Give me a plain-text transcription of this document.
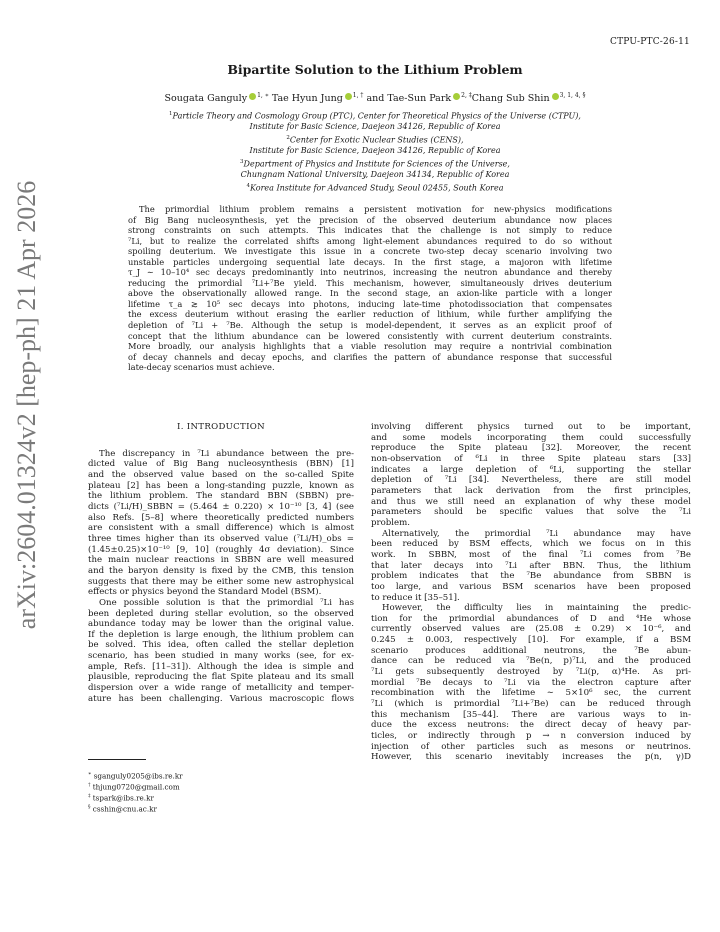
CTPU-PTC-26-11
arXiv:2604.01324v2 [hep-ph] 21 Apr 2026
Bipartite Solution to the Lithium Problem
Sougata Ganguly $^{1, ∗}$ Tae Hyun Jung $^{1, \dagger}$ and Tae-Sun Park $^{2, \ddagger}$Chang Sub Shin $^{3, 1, 4, \S}$
$^1$Particle Theory and Cosmology Group (PTC), Center for Theoretical Physics of the Universe (CTPU),
Institute for Basic Science, Daejeon 34126, Republic of Korea
$^2$Center for Exotic Nuclear Studies (CENS),
Institute for Basic Science, Daejeon 34126, Republic of Korea
$^3$Department of Physics and Institute for Sciences of the Universe,
Chungnam National University, Daejeon 34134, Republic of Korea
$^4$Korea Institute for Advanced Study, Seoul 02455, South Korea
The primordial lithium problem remains a persistent motivation for new-physics modifications
of Big Bang nucleosynthesis, yet the precision of the observed deuterium abundance now places
strong constraints on such attempts. This indicates that the challenge is not simply to reduce
⁷Li, but to realize the correlated shifts among light-element abundances required to do so without
spoiling deuterium. We investigate this issue in a concrete two-step decay scenario involving two
unstable particles undergoing sequential late decays. In the first stage, a majoron with lifetime
τ_J ∼ 10–10⁴ sec decays predominantly into neutrinos, increasing the neutron abundance and thereby
reducing the primordial ⁷Li+⁷Be yield. This mechanism, however, simultaneously drives deuterium
above the observationally allowed range. In the second stage, an axion-like particle with a longer
lifetime τ_a ≳ 10⁵ sec decays into photons, inducing late-time photodissociation that compensates
the excess deuterium without erasing the earlier reduction of lithium, while further amplifying the
depletion of ⁷Li + ⁷Be. Although the setup is model-dependent, it serves as an explicit proof of
concept that the lithium abundance can be lowered consistently with current deuterium constraints.
More broadly, our analysis highlights that a viable resolution may require a nontrivial combination
of decay channels and decay epochs, and clarifies the pattern of abundance response that successful
late-decay scenarios must achieve.
I. INTRODUCTION
The discrepancy in ⁷Li abundance between the pre-
dicted value of Big Bang nucleosynthesis (BBN) [1]
and the observed value based on the so-called Spite
plateau [2] has been a long-standing puzzle, known as
the lithium problem. The standard BBN (SBBN) pre-
dicts (⁷Li/H)_SBBN = (5.464 ± 0.220) × 10⁻¹⁰ [3, 4] (see
also Refs. [5–8] where theoretically predicted numbers
are consistent with a small difference) which is almost
three times higher than its observed value (⁷Li/H)_obs =
(1.45±0.25)×10⁻¹⁰ [9, 10] (roughly 4σ deviation). Since
the main nuclear reactions in SBBN are well measured
and the baryon density is fixed by the CMB, this tension
suggests that there may be either some new astrophysical
effects or physics beyond the Standard Model (BSM).
One possible solution is that the primordial ⁷Li has
been depleted during stellar evolution, so the observed
abundance today may be lower than the original value.
If the depletion is large enough, the lithium problem can
be solved. This idea, often called the stellar depletion
scenario, has been studied in many works (see, for ex-
ample, Refs. [11–31]). Although the idea is simple and
plausible, reproducing the flat Spite plateau and its small
dispersion over a wide range of metallicity and temper-
ature has been challenging. Various macroscopic flows
involving different physics turned out to be important,
and some models incorporating them could successfully
reproduce the Spite plateau [32]. Moreover, the recent
non-observation of ⁶Li in three Spite plateau stars [33]
indicates a large depletion of ⁶Li, supporting the stellar
depletion of ⁷Li [34]. Nevertheless, there are still model
parameters that lack derivation from the first principles,
and thus we still need an explanation of why these model
parameters should be specific values that solve the ⁷Li
problem.
Alternatively, the primordial ⁷Li abundance may have
been reduced by BSM effects, which we focus on in this
work. In SBBN, most of the final ⁷Li comes from ⁷Be
that later decays into ⁷Li after BBN. Thus, the lithium
problem indicates that the ⁷Be abundance from SBBN is
too large, and various BSM scenarios have been proposed
to reduce it [35–51].
However, the difficulty lies in maintaining the predic-
tion for the primordial abundances of D and ⁴He whose
currently observed values are (25.08 ± 0.29) × 10⁻⁶, and
0.245 ± 0.003, respectively [10]. For example, if a BSM
scenario produces additional neutrons, the ⁷Be abun-
dance can be reduced via ⁷Be(n, p)⁷Li, and the produced
⁷Li gets subsequently destroyed by ⁷Li(p, α)⁴He. As pri-
mordial ⁷Be decays to ⁷Li via the electron capture after
recombination with the lifetime ∼ 5×10⁶ sec, the current
⁷Li (which is primordial ⁷Li+⁷Be) can be reduced through
this mechanism [35–44]. There are various ways to in-
duce the excess neutrons: the direct decay of heavy par-
ticles, or indirectly through p → n conversion induced by
injection of other particles such as mesons or neutrinos.
However, this scenario inevitably increases the p(n, γ)D
∗ sganguly0205@ibs.re.kr
† thjung0720@gmail.com
‡ tspark@ibs.re.kr
§ csshin@cnu.ac.kr
